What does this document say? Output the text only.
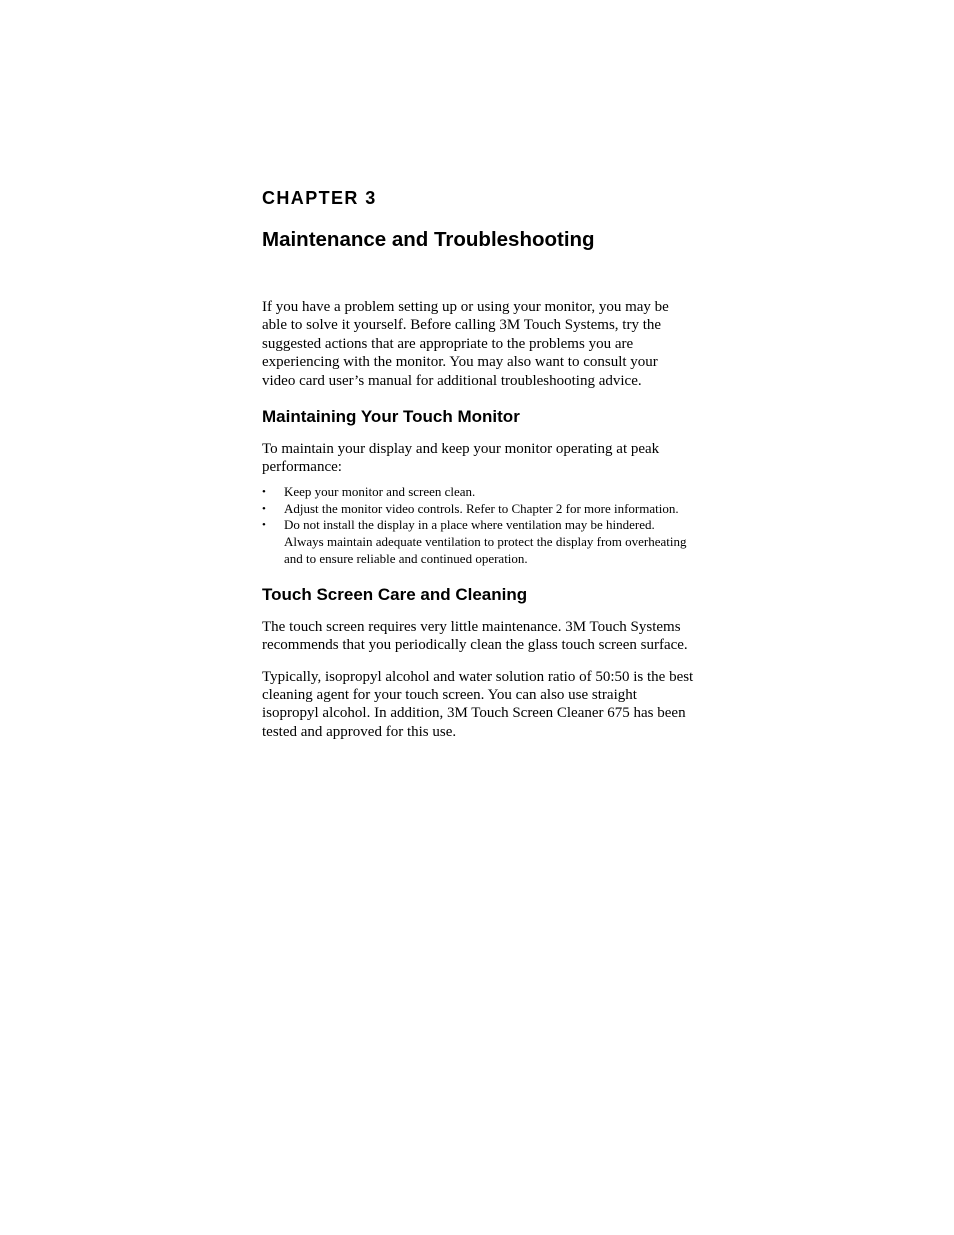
CHAPTER 3
Maintenance and Troubleshooting

If you have a problem setting up or using your monitor, you may be able to solve it yourself. Before calling 3M Touch Systems, try the suggested actions that are appropriate to the problems you are experiencing with the monitor. You may also want to consult your video card user’s manual for additional troubleshooting advice.

Maintaining Your Touch Monitor

To maintain your display and keep your monitor operating at peak performance:

• Keep your monitor and screen clean.
• Adjust the monitor video controls. Refer to Chapter 2 for more information.
• Do not install the display in a place where ventilation may be hindered. Always maintain adequate ventilation to protect the display from overheating and to ensure reliable and continued operation.
Touch Screen Care and Cleaning

The touch screen requires very little maintenance. 3M Touch Systems recommends that you periodically clean the glass touch screen surface.

Typically, isopropyl alcohol and water solution ratio of 50:50 is the best cleaning agent for your touch screen. You can also use straight isopropyl alcohol. In addition, 3M Touch Screen Cleaner 675 has been tested and approved for this use.
